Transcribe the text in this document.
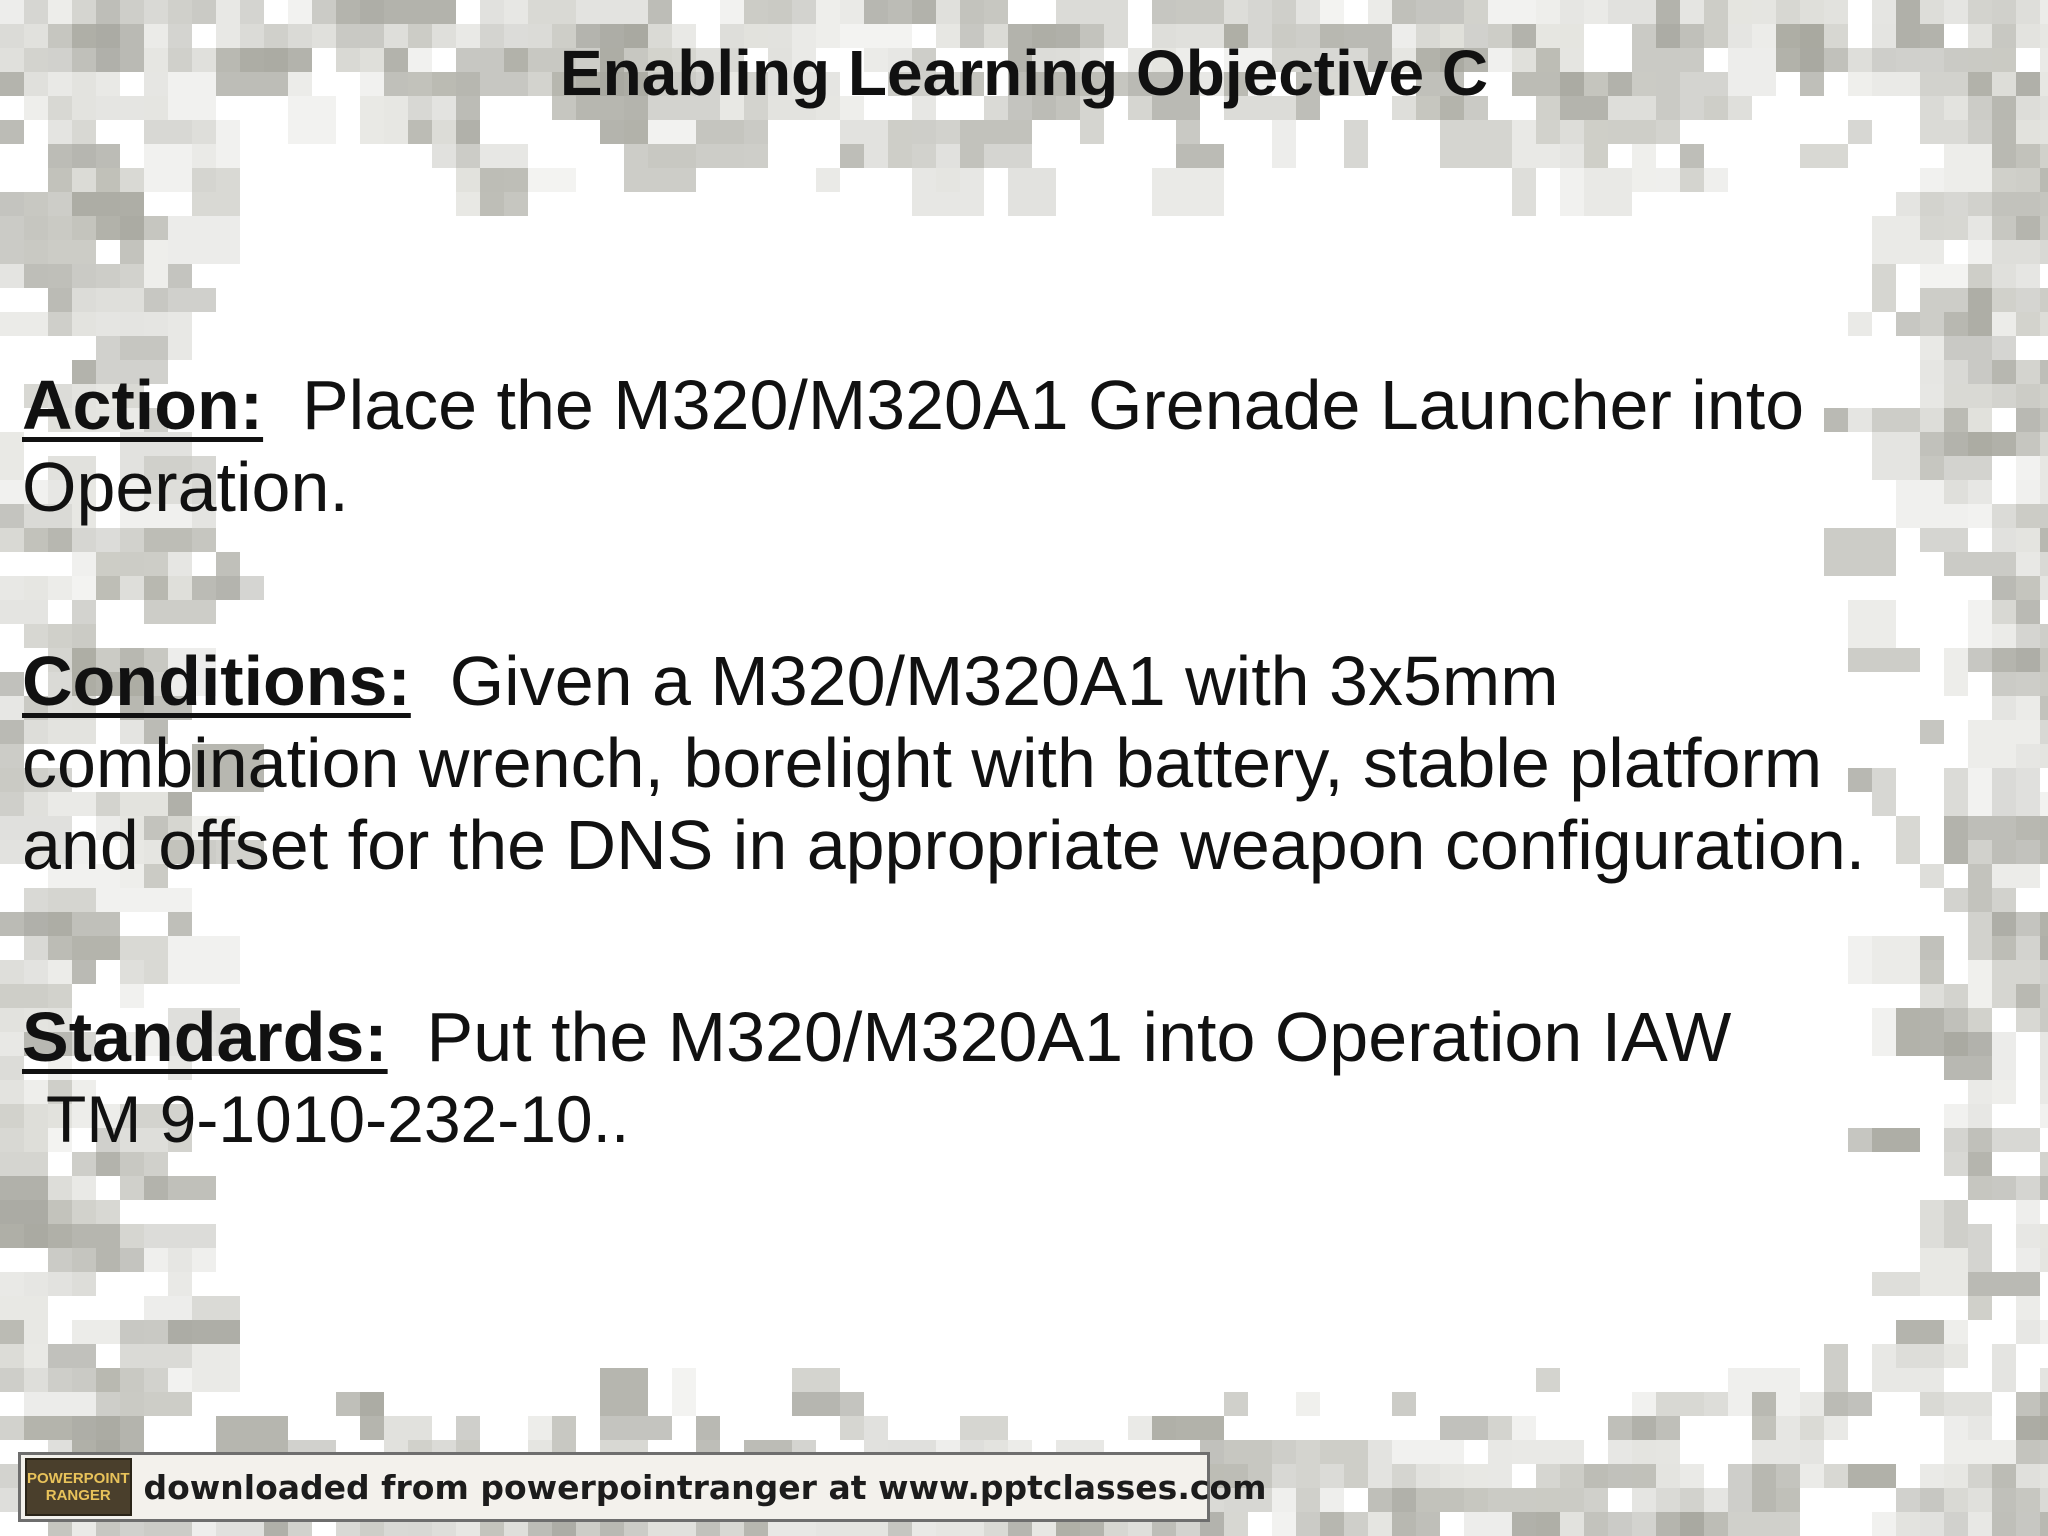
Enabling Learning Objective C
Action: Place the M320/M320A1 Grenade Launcher into
Operation.
Conditions: Given a M320/M320A1 with 3x5mm
combination wrench, borelight with battery, stable platform
and offset for the DNS in appropriate weapon configuration.
Standards: Put the M320/M320A1 into Operation IAW
TM 9-1010-232-10..
POWERPOINT RANGER downloaded from powerpointranger at www.pptclasses.com
